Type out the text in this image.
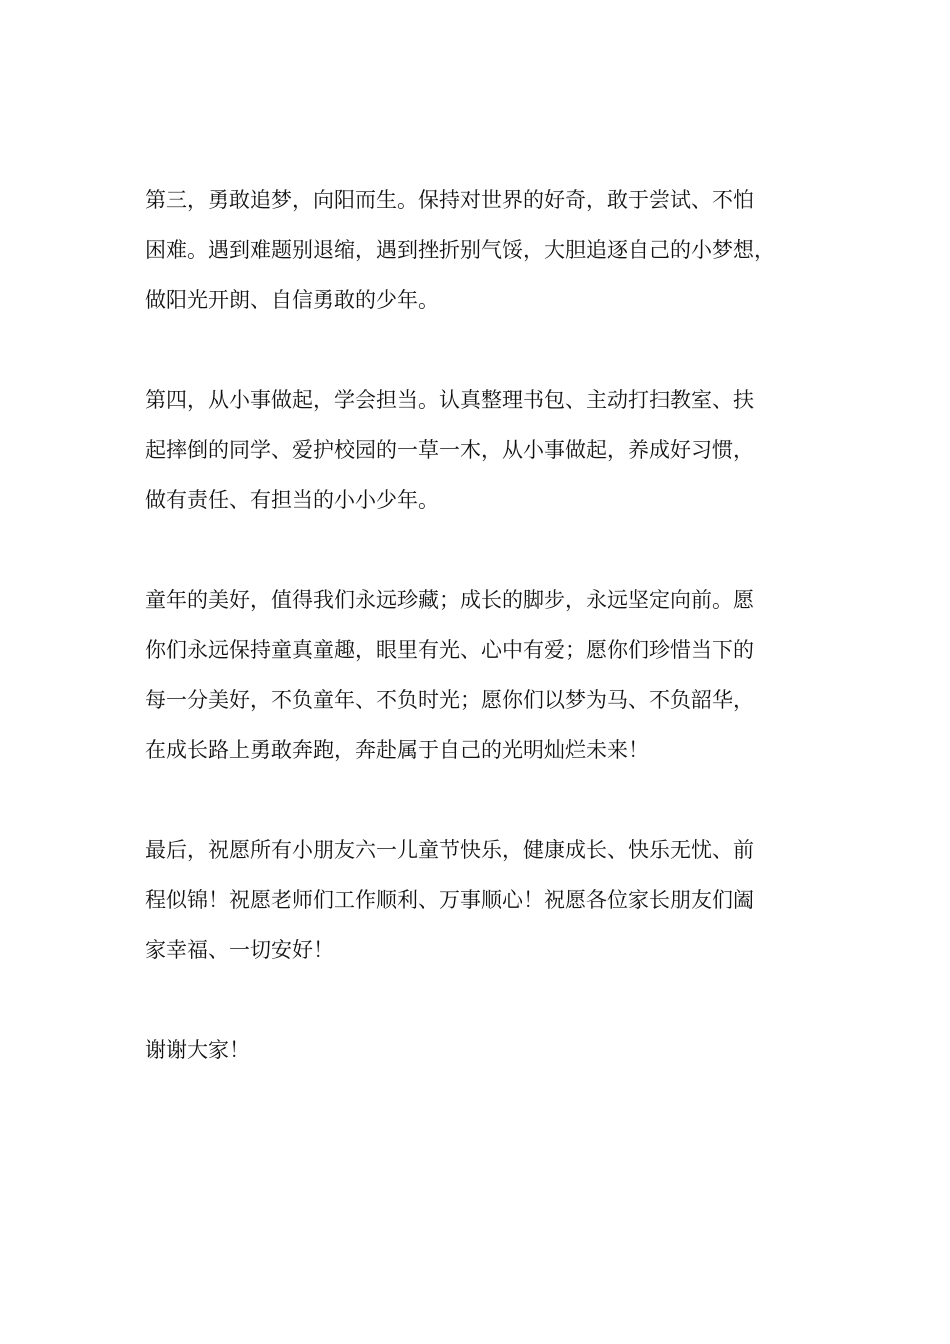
第三，勇敢追梦，向阳而生。保持对世界的好奇，敢于尝试、不怕
困难。遇到难题别退缩，遇到挫折别气馁，大胆追逐自己的小梦想，
做阳光开朗、自信勇敢的少年。
第四，从小事做起，学会担当。认真整理书包、主动打扫教室、扶
起摔倒的同学、爱护校园的一草一木，从小事做起，养成好习惯，
做有责任、有担当的小小少年。
童年的美好，值得我们永远珍藏；成长的脚步，永远坚定向前。愿
你们永远保持童真童趣，眼里有光、心中有爱；愿你们珍惜当下的
每一分美好，不负童年、不负时光；愿你们以梦为马、不负韶华，
在成长路上勇敢奔跑，奔赴属于自己的光明灿烂未来！
最后，祝愿所有小朋友六一儿童节快乐，健康成长、快乐无忧、前
程似锦！祝愿老师们工作顺利、万事顺心！祝愿各位家长朋友们阖
家幸福、一切安好！
谢谢大家！
